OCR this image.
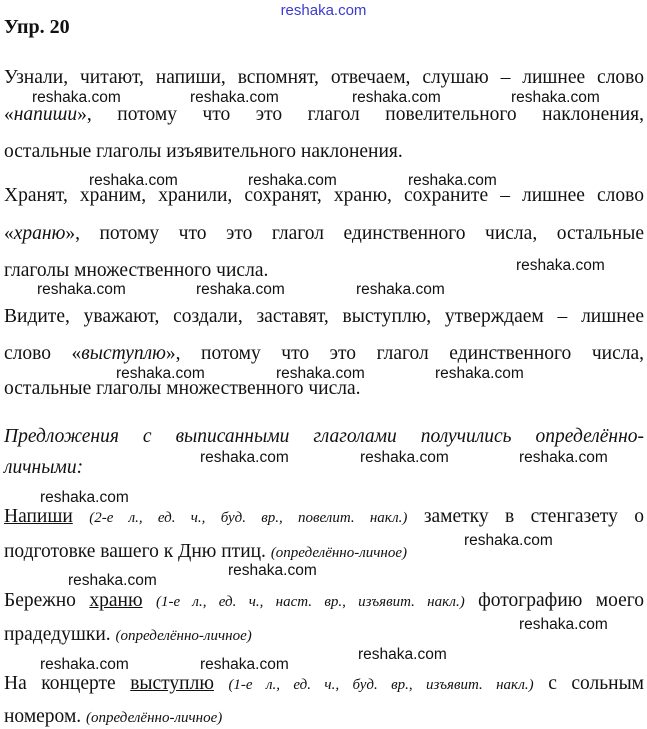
reshaka.com
Упр. 20
Узнали, читают, напиши, вспомнят, отвечаем, слушаю – лишнее слово
«напиши», потому что это глагол повелительного наклонения,
остальные глаголы изъявительного наклонения.
Хранят, храним, хранили, сохранят, храню, сохраните – лишнее слово
«храню», потому что это глагол единственного числа, остальные
глаголы множественного числа.
Видите, уважают, создали, заставят, выступлю, утверждаем – лишнее
слово «выступлю», потому что это глагол единственного числа,
остальные глаголы множественного числа.
Предложения с выписанными глаголами получились определённо-
личными:
Напиши (2-е л., ед. ч., буд. вр., повелит. накл.) заметку в стенгазету о
подготовке вашего к Дню птиц. (определённо-личное)
Бережно храню (1-е л., ед. ч., наст. вр., изъявит. накл.) фотографию моего
прадедушки. (определённо-личное)
На концерте выступлю (1-е л., ед. ч., буд. вр., изъявит. накл.) с сольным
номером. (определённо-личное)
reshaka.com	reshaka.com	reshaka.com	reshaka.com
reshaka.com	reshaka.com	reshaka.com
reshaka.com
reshaka.com	reshaka.com	reshaka.com
reshaka.com	reshaka.com	reshaka.com
reshaka.com	reshaka.com	reshaka.com
reshaka.com
reshaka.com
reshaka.com
reshaka.com
reshaka.com
reshaka.com
reshaka.com	reshaka.com
